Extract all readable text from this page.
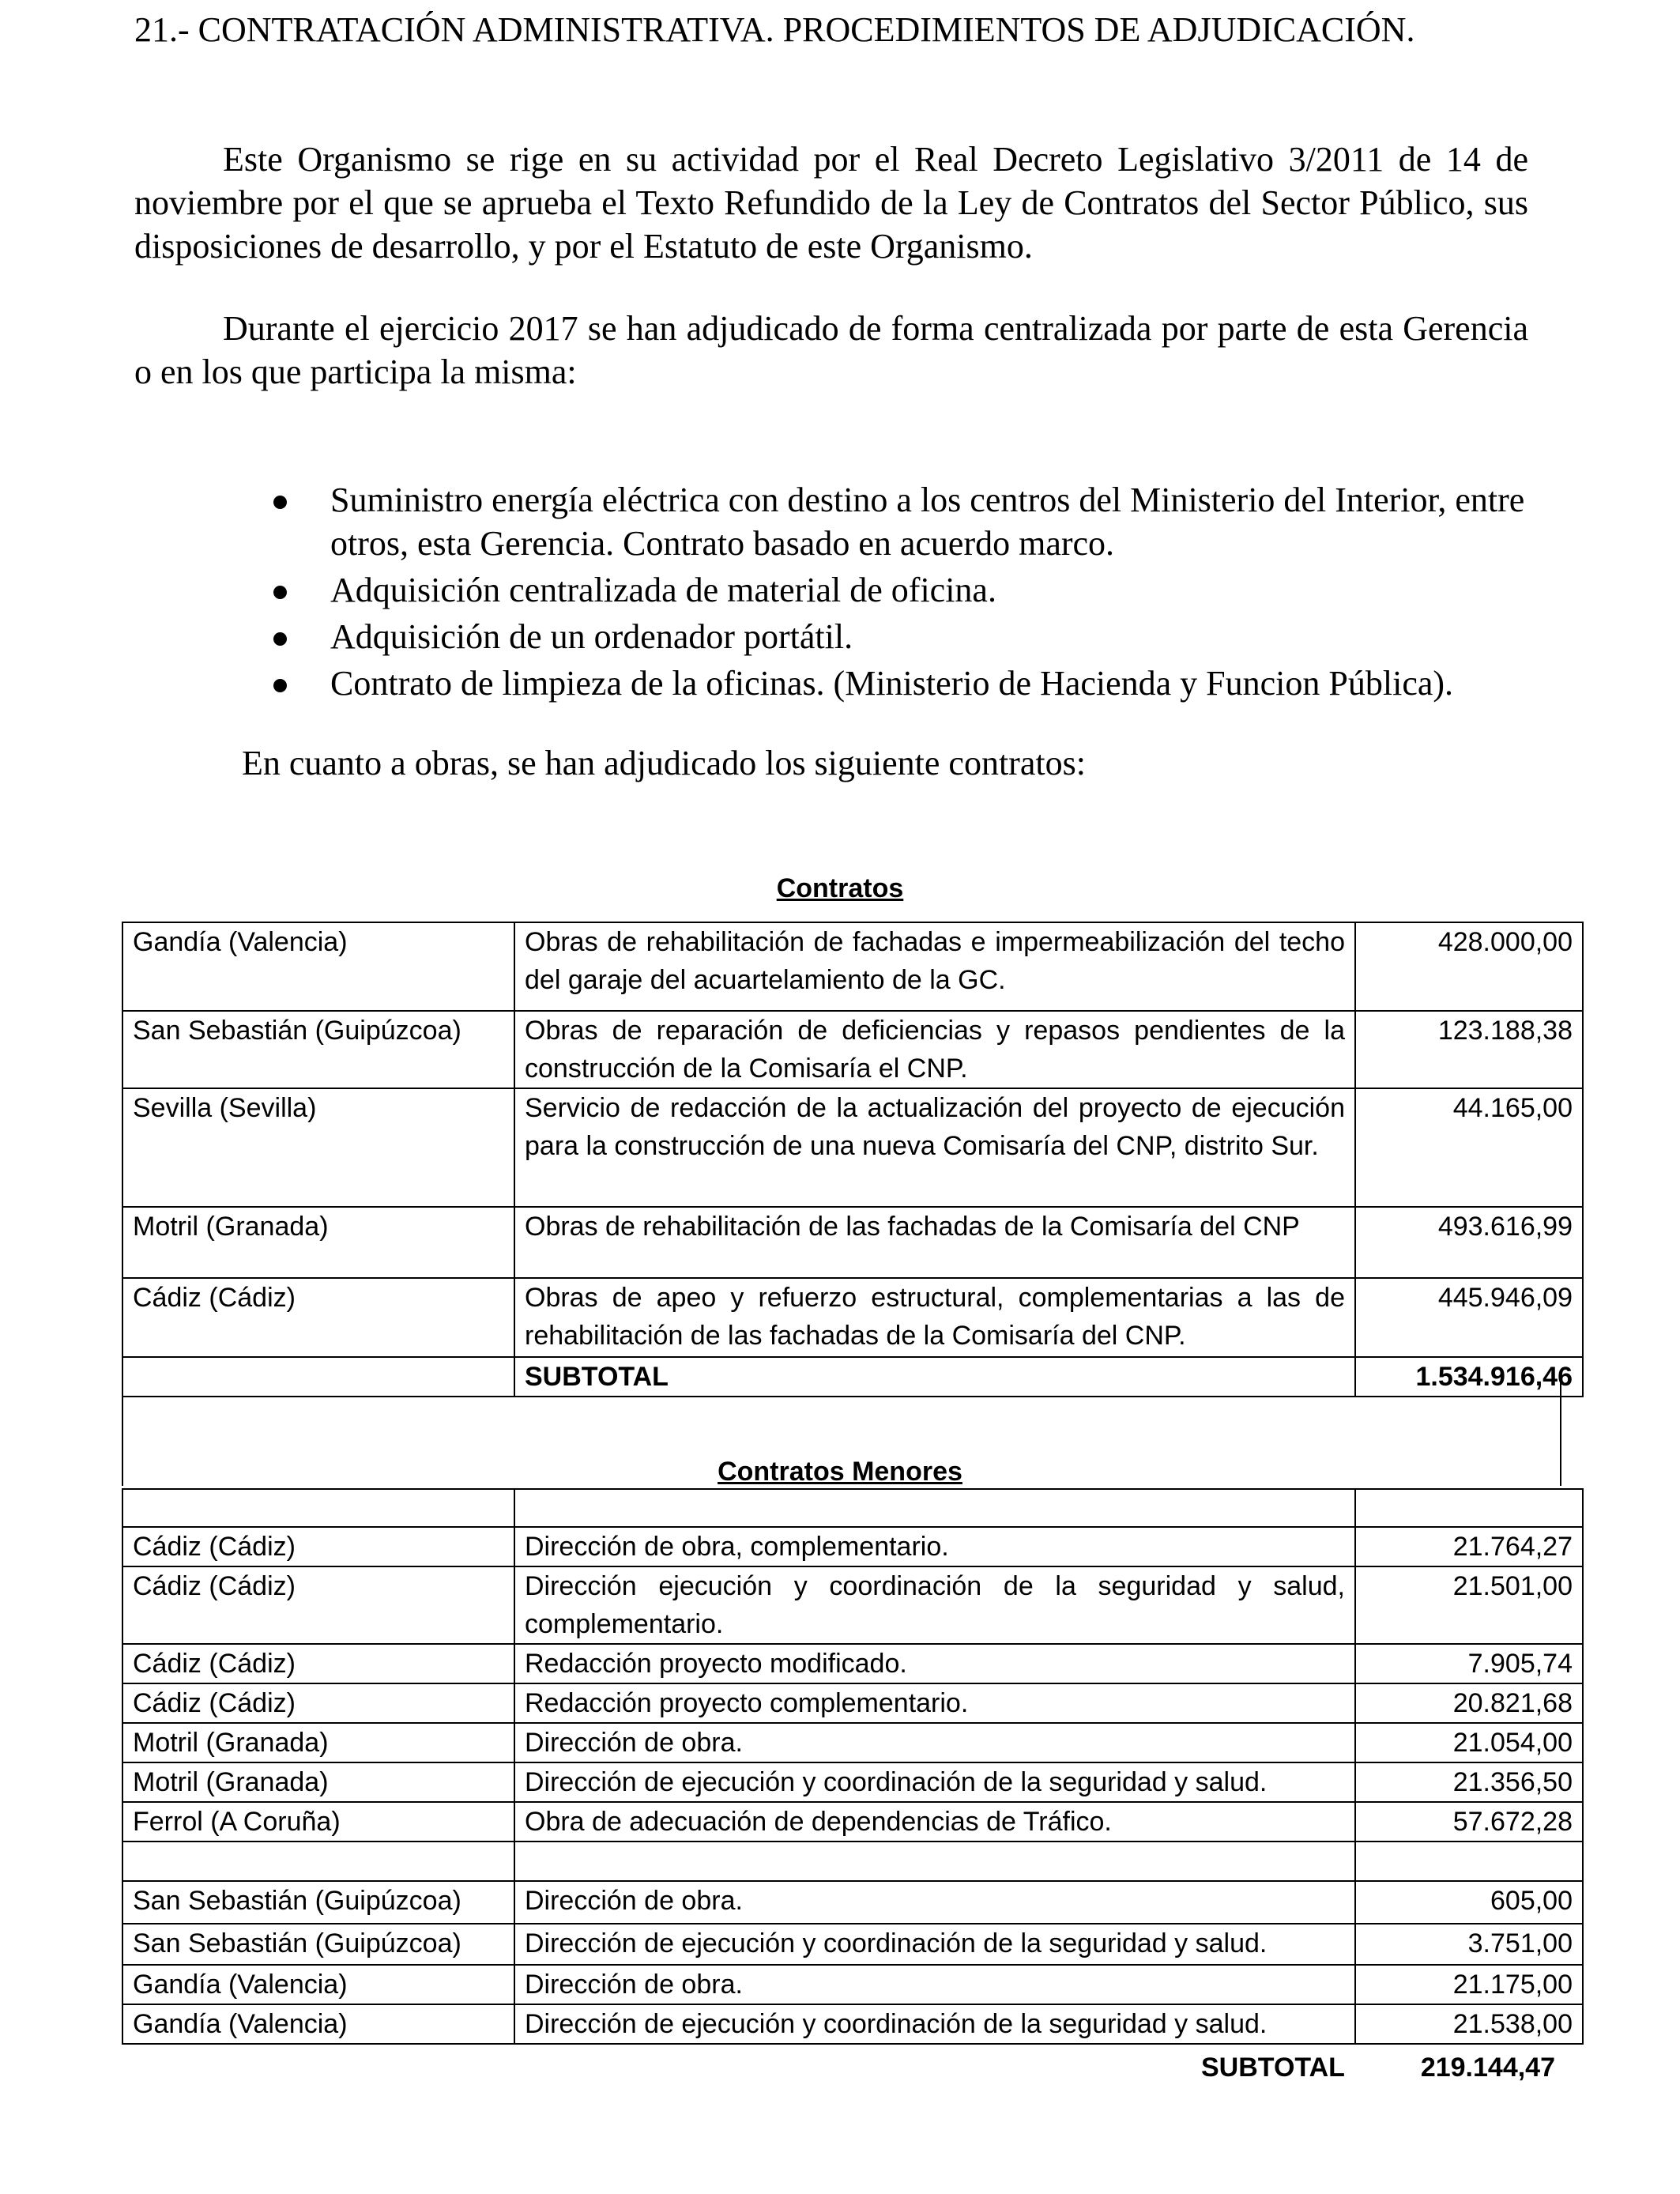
21.- CONTRATACIÓN ADMINISTRATIVA. PROCEDIMIENTOS DE ADJUDICACIÓN.

Este Organismo se rige en su actividad por el Real Decreto Legislativo 3/2011 de 14 de noviembre por el que se aprueba el Texto Refundido de la Ley de Contratos del Sector Público, sus disposiciones de desarrollo, y por el Estatuto de este Organismo.

Durante el ejercicio 2017 se han adjudicado de forma centralizada por parte de esta Gerencia o en los que participa la misma:

Suministro energía eléctrica con destino a los centros del Ministerio del Interior, entre otros, esta Gerencia. Contrato basado en acuerdo marco.
Adquisición centralizada de material de oficina.
Adquisición de un ordenador portátil.
Contrato de limpieza de la oficinas. (Ministerio de Hacienda y Funcion Pública).
En cuanto a obras, se han adjudicado los siguiente contratos:
Contratos
Gandía (Valencia)	Obras de rehabilitación de fachadas e impermeabilización del techo del garaje del acuartelamiento de la GC.	428.000,00
San Sebastián (Guipúzcoa)	Obras de reparación de deficiencias y repasos pendientes de la construcción de la Comisaría el CNP.	123.188,38
Sevilla (Sevilla)	Servicio de redacción de la actualización del proyecto de ejecución para la construcción de una nueva Comisaría del CNP, distrito Sur.	44.165,00
Motril (Granada)	Obras de rehabilitación de las fachadas de la Comisaría del CNP	493.616,99
Cádiz (Cádiz)	Obras de apeo y refuerzo estructural, complementarias a las de rehabilitación de las fachadas de la Comisaría del CNP.	445.946,09
	SUBTOTAL	1.534.916,46
Contratos Menores

Cádiz (Cádiz)	Dirección de obra, complementario.	21.764,27
Cádiz (Cádiz)	Dirección ejecución y coordinación de la seguridad y salud, complementario.	21.501,00
Cádiz (Cádiz)	Redacción proyecto modificado.	7.905,74
Cádiz (Cádiz)	Redacción proyecto complementario.	20.821,68
Motril (Granada)	Dirección de obra.	21.054,00
Motril (Granada)	Dirección de ejecución y coordinación de la seguridad y salud.	21.356,50
Ferrol (A Coruña)	Obra de adecuación de dependencias de Tráfico.	57.672,28

San Sebastián (Guipúzcoa)	Dirección de obra.	605,00
San Sebastián (Guipúzcoa)	Dirección de ejecución y coordinación de la seguridad y salud.	3.751,00
Gandía (Valencia)	Dirección de obra.	21.175,00
Gandía (Valencia)	Dirección de ejecución y coordinación de la seguridad y salud.	21.538,00
SUBTOTAL	219.144,47
